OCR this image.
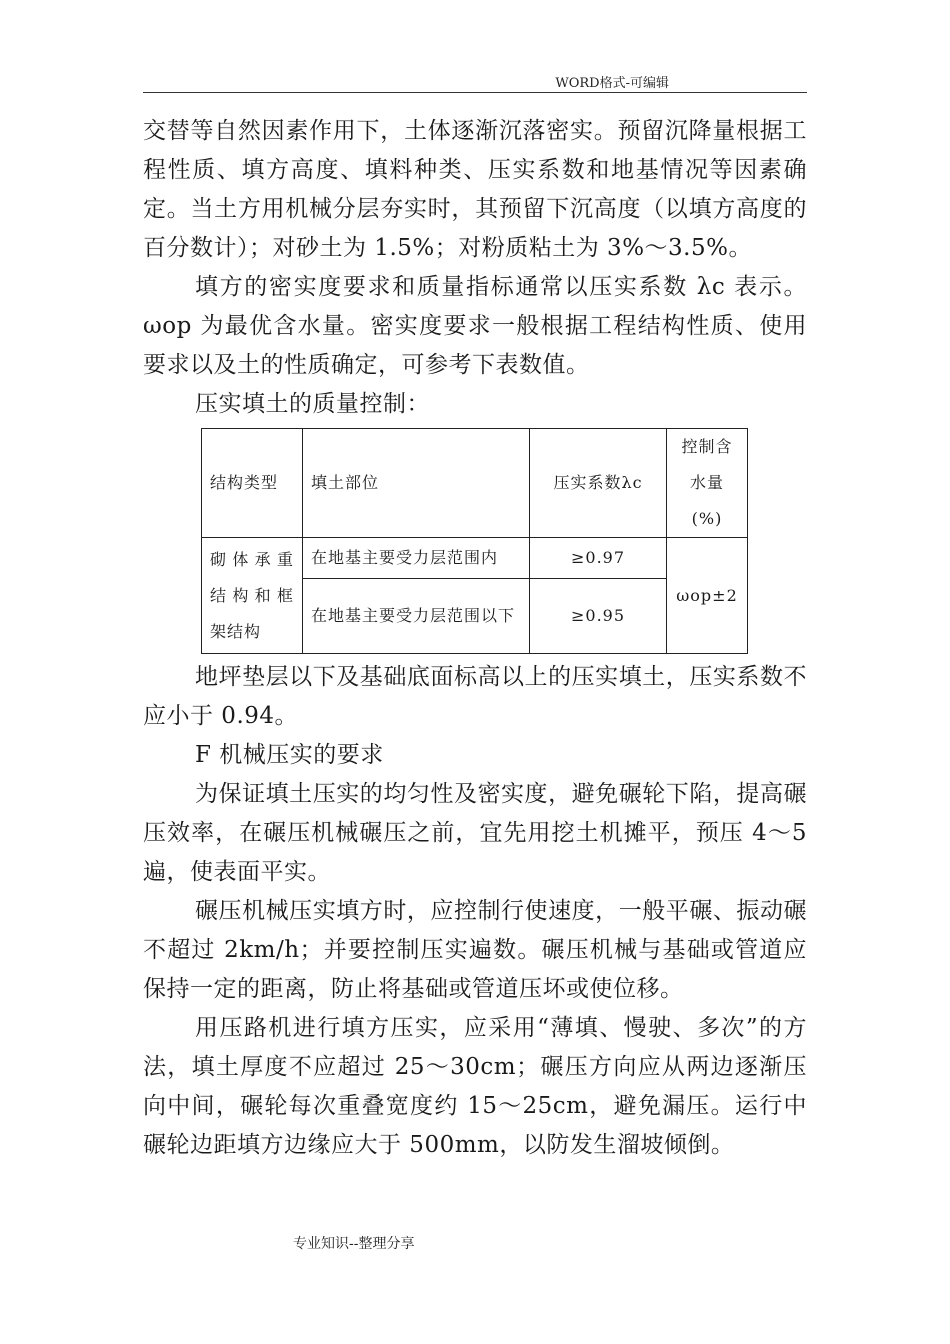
WORD格式-可编辑

交替等自然因素作用下，土体逐渐沉落密实。预留沉降量根据工程性质、填方高度、填料种类、压实系数和地基情况等因素确定。当土方用机械分层夯实时，其预留下沉高度（以填方高度的百分数计）；对砂土为 1.5%；对粉质粘土为 3%～3.5%。

填方的密实度要求和质量指标通常以压实系数 λc 表示。ωop 为最优含水量。密实度要求一般根据工程结构性质、使用要求以及土的性质确定，可参考下表数值。

压实填土的质量控制：

结构类型	填土部位	压实系数λc	控制含水量(%)
砌体承重结构和框架结构	在地基主要受力层范围内	≥0.97	ωop±2
	在地基主要受力层范围以下	≥0.95	

地坪垫层以下及基础底面标高以上的压实填土，压实系数不应小于 0.94。

F 机械压实的要求

为保证填土压实的均匀性及密实度，避免碾轮下陷，提高碾压效率，在碾压机械碾压之前，宜先用挖土机摊平，预压 4～5 遍，使表面平实。

碾压机械压实填方时，应控制行使速度，一般平碾、振动碾不超过 2km/h；并要控制压实遍数。碾压机械与基础或管道应保持一定的距离，防止将基础或管道压坏或使位移。

用压路机进行填方压实，应采用“薄填、慢驶、多次”的方法，填土厚度不应超过 25～30cm；碾压方向应从两边逐渐压向中间，碾轮每次重叠宽度约 15～25cm，避免漏压。运行中碾轮边距填方边缘应大于 500mm，以防发生溜坡倾倒。

专业知识--整理分享
